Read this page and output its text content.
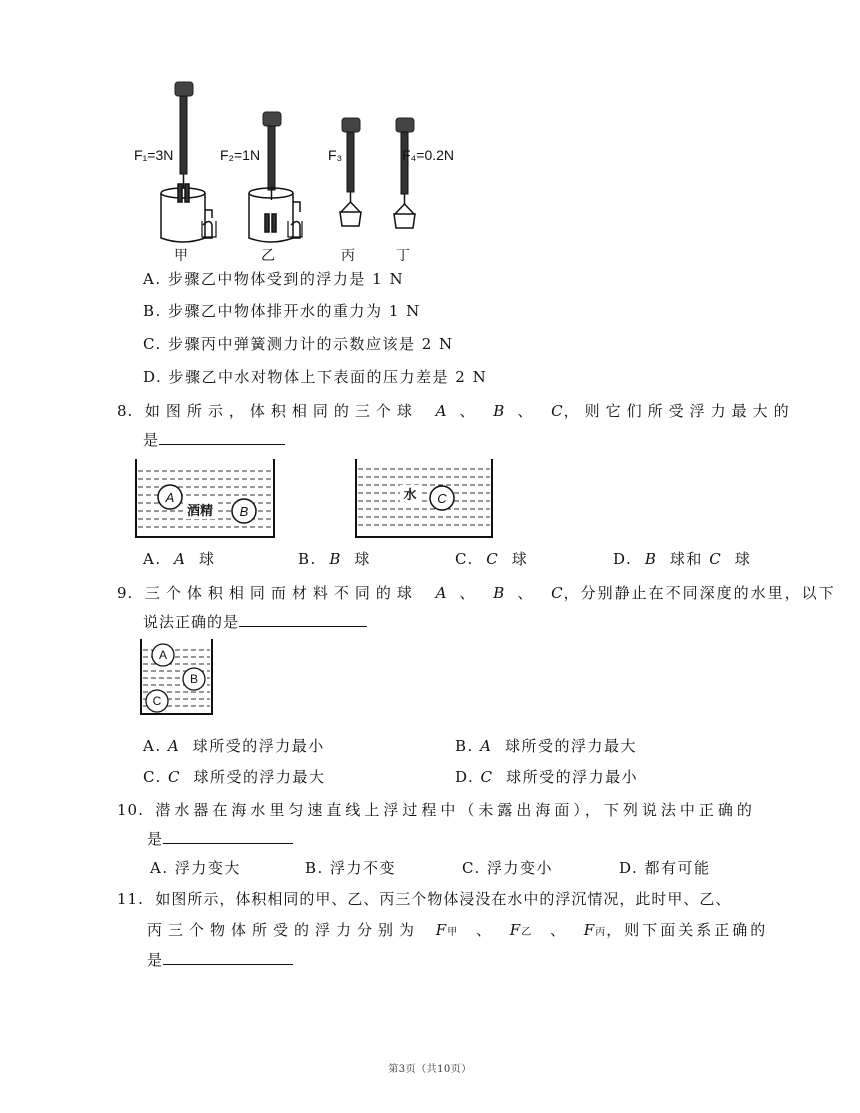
F₁=3N	F₂=1N	F₃	F₄=0.2N
甲	乙	丙	丁
A. 步骤乙中物体受到的浮力是 1 N
B. 步骤乙中物体排开水的重力为 1 N
C. 步骤丙中弹簧测力计的示数应该是 2 N
D. 步骤乙中水对物体上下表面的压力差是 2 N
8. 如图所示，体积相同的三个球 A 、 B 、 C，则它们所受浮力最大的
是
A
B
C
酒精
水
A. A 球	B. B 球	C. C 球	D. B 球和 C 球
9. 三个体积相同而材料不同的球 A 、 B 、 C，分别静止在不同深度的水里，以下
说法正确的是
A
B
C
A. A 球所受的浮力最小	B. A 球所受的浮力最大
C. C 球所受的浮力最大	D. C 球所受的浮力最小
10. 潜水器在海水里匀速直线上浮过程中（未露出海面），下列说法中正确的
是
A. 浮力变大	B. 浮力不变	C. 浮力变小	D. 都有可能
11. 如图所示，体积相同的甲、乙、丙三个物体浸没在水中的浮沉情况，此时甲、乙、
丙三个物体所受的浮力分别为 F甲 、 F乙 、 F丙，则下面关系正确的
是
第3页（共10页）
